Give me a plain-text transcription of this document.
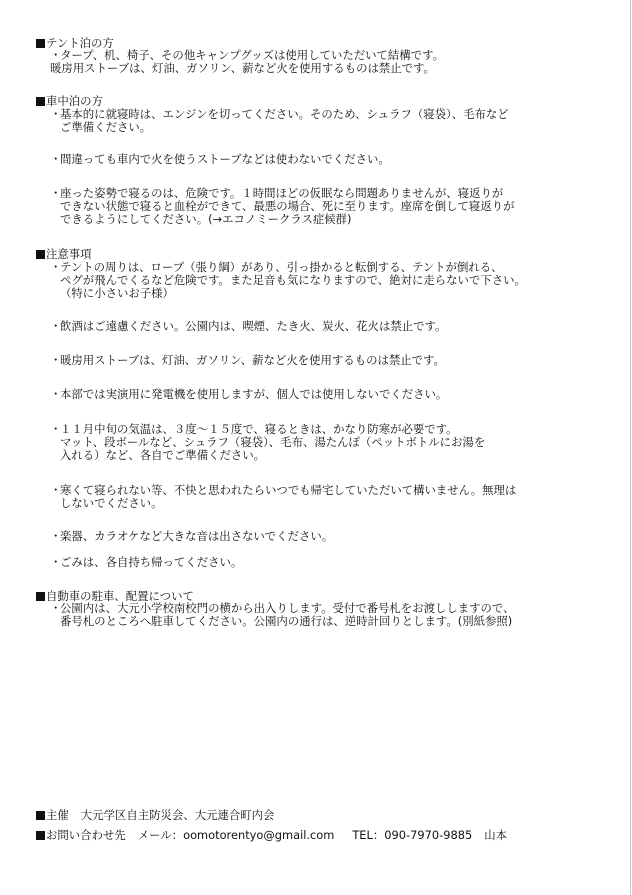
テント泊の方
・
タープ、机、椅子、その他キャンプグッズは使用していただいて結構です。
暖房用ストーブは、灯油、ガソリン、薪など火を使用するものは禁止です。
車中泊の方
・
基本的に就寝時は、エンジンを切ってください。そのため、シュラフ（寝袋）、毛布など
ご準備ください。
・
間違っても車内で火を使うストーブなどは使わないでください。
・
座った姿勢で寝るのは、危険です。１時間ほどの仮眠なら問題ありませんが、寝返りが
できない状態で寝ると血栓ができて、最悪の場合、死に至ります。座席を倒して寝返りが
できるようにしてください。(→エコノミークラス症候群)
注意事項
・
テントの周りは、ロープ（張り綱）があり、引っ掛かると転倒する、テントが倒れる、
ペグが飛んでくるなど危険です。また足音も気になりますので、絶対に走らないで下さい。
（特に小さいお子様）
・
飲酒はご遠慮ください。公園内は、喫煙、たき火、炭火、花火は禁止です。
・
暖房用ストーブは、灯油、ガソリン、薪など火を使用するものは禁止です。
・
本部では実演用に発電機を使用しますが、個人では使用しないでください。
・
１１月中旬の気温は、３度～１５度で、寝るときは、かなり防寒が必要です。
マット、段ボールなど、シュラフ（寝袋）、毛布、湯たんぽ（ペットボトルにお湯を
入れる）など、各自でご準備ください。
・
寒くて寝られない等、不快と思われたらいつでも帰宅していただいて構いません。無理は
しないでください。
・
楽器、カラオケなど大きな音は出さないでください。
・
ごみは、各自持ち帰ってください。
自動車の駐車、配置について
・
公園内は、大元小学校南校門の横から出入りします。受付で番号札をお渡ししますので、
番号札のところへ駐車してください。公園内の通行は、逆時計回りとします。(別紙参照)
主催 大元学区自主防災会、大元連合町内会
お問い合わせ先 メール：oomotorentyo@gmail.com TEL：090-7970-9885 山本
